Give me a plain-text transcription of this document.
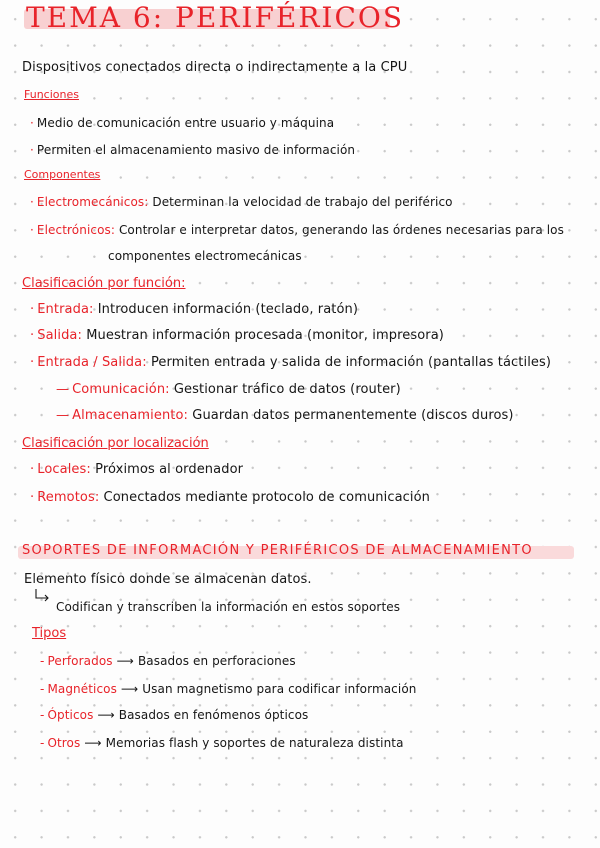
TEMA 6: PERIFÉRICOS
Dispositivos conectados directa o indirectamente a la CPU
Funciones
· Medio de comunicación entre usuario y máquina
· Permiten el almacenamiento masivo de información
Componentes
· Electromecánicos: Determinan la velocidad de trabajo del periférico
· Electrónicos: Controlar e interpretar datos, generando las órdenes necesarias para los
componentes electromecánicas
Clasificación por función:
· Entrada: Introducen información (teclado, ratón)
· Salida: Muestran información procesada (monitor, impresora)
· Entrada / Salida: Permiten entrada y salida de información (pantallas táctiles)
— Comunicación: Gestionar tráfico de datos (router)
— Almacenamiento: Guardan datos permanentemente (discos duros)
Clasificación por localización
· Locales: Próximos al ordenador
· Remotos: Conectados mediante protocolo de comunicación
SOPORTES DE INFORMACIÓN Y PERIFÉRICOS DE ALMACENAMIENTO
Elemento físico donde se almacenan datos.
Codifican y transcriben la información en estos soportes
Tipos
- Perforados ⟶ Basados en perforaciones
- Magnéticos ⟶ Usan magnetismo para codificar información
- Ópticos ⟶ Basados en fenómenos ópticos
- Otros ⟶ Memorias flash y soportes de naturaleza distinta
